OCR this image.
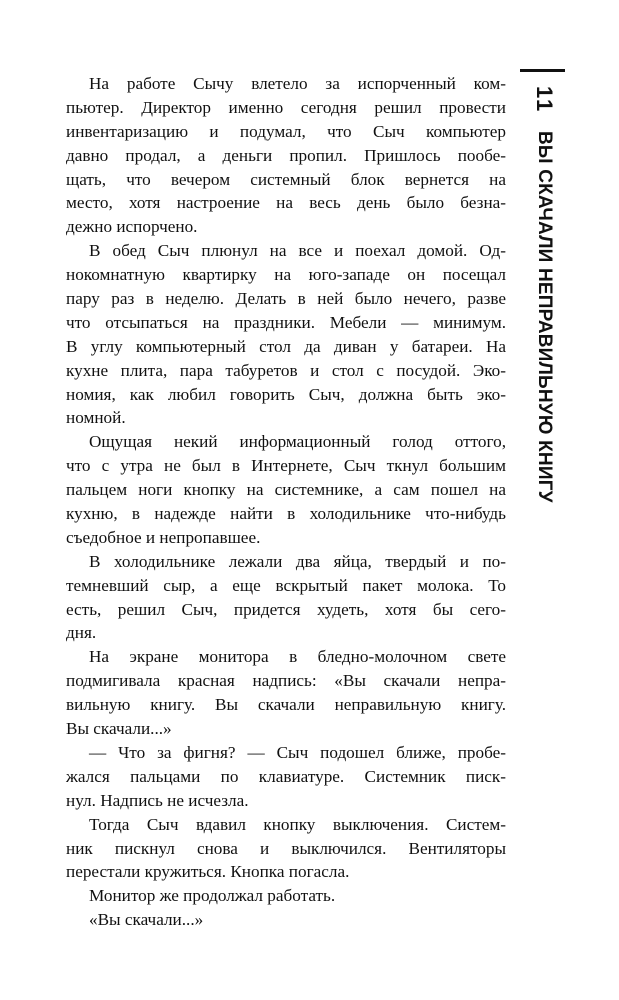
На работе Сычу влетело за испорченный ком-
пьютер. Директор именно сегодня решил провести
инвентаризацию и подумал, что Сыч компьютер
давно продал, а деньги пропил. Пришлось пообе-
щать, что вечером системный блок вернется на
место, хотя настроение на весь день было безна-
дежно испорчено.
В обед Сыч плюнул на все и поехал домой. Од-
нокомнатную квартирку на юго-западе он посещал
пару раз в неделю. Делать в ней было нечего, разве
что отсыпаться на праздники. Мебели — минимум.
В углу компьютерный стол да диван у батареи. На
кухне плита, пара табуретов и стол с посудой. Эко-
номия, как любил говорить Сыч, должна быть эко-
номной.
Ощущая некий информационный голод оттого,
что с утра не был в Интернете, Сыч ткнул большим
пальцем ноги кнопку на системнике, а сам пошел на
кухню, в надежде найти в холодильнике что-нибудь
съедобное и непропавшее.
В холодильнике лежали два яйца, твердый и по-
темневший сыр, а еще вскрытый пакет молока. То
есть, решил Сыч, придется худеть, хотя бы сего-
дня.
На экране монитора в бледно-молочном свете
подмигивала красная надпись: «Вы скачали непра-
вильную книгу. Вы скачали неправильную книгу.
Вы скачали...»
— Что за фигня? — Сыч подошел ближе, пробе-
жался пальцами по клавиатуре. Системник писк-
нул. Надпись не исчезла.
Тогда Сыч вдавил кнопку выключения. Систем-
ник пискнул снова и выключился. Вентиляторы
перестали кружиться. Кнопка погасла.
Монитор же продолжал работать.
«Вы скачали...»
11
ВЫ СКАЧАЛИ НЕПРАВИЛЬНУЮ КНИГУ
